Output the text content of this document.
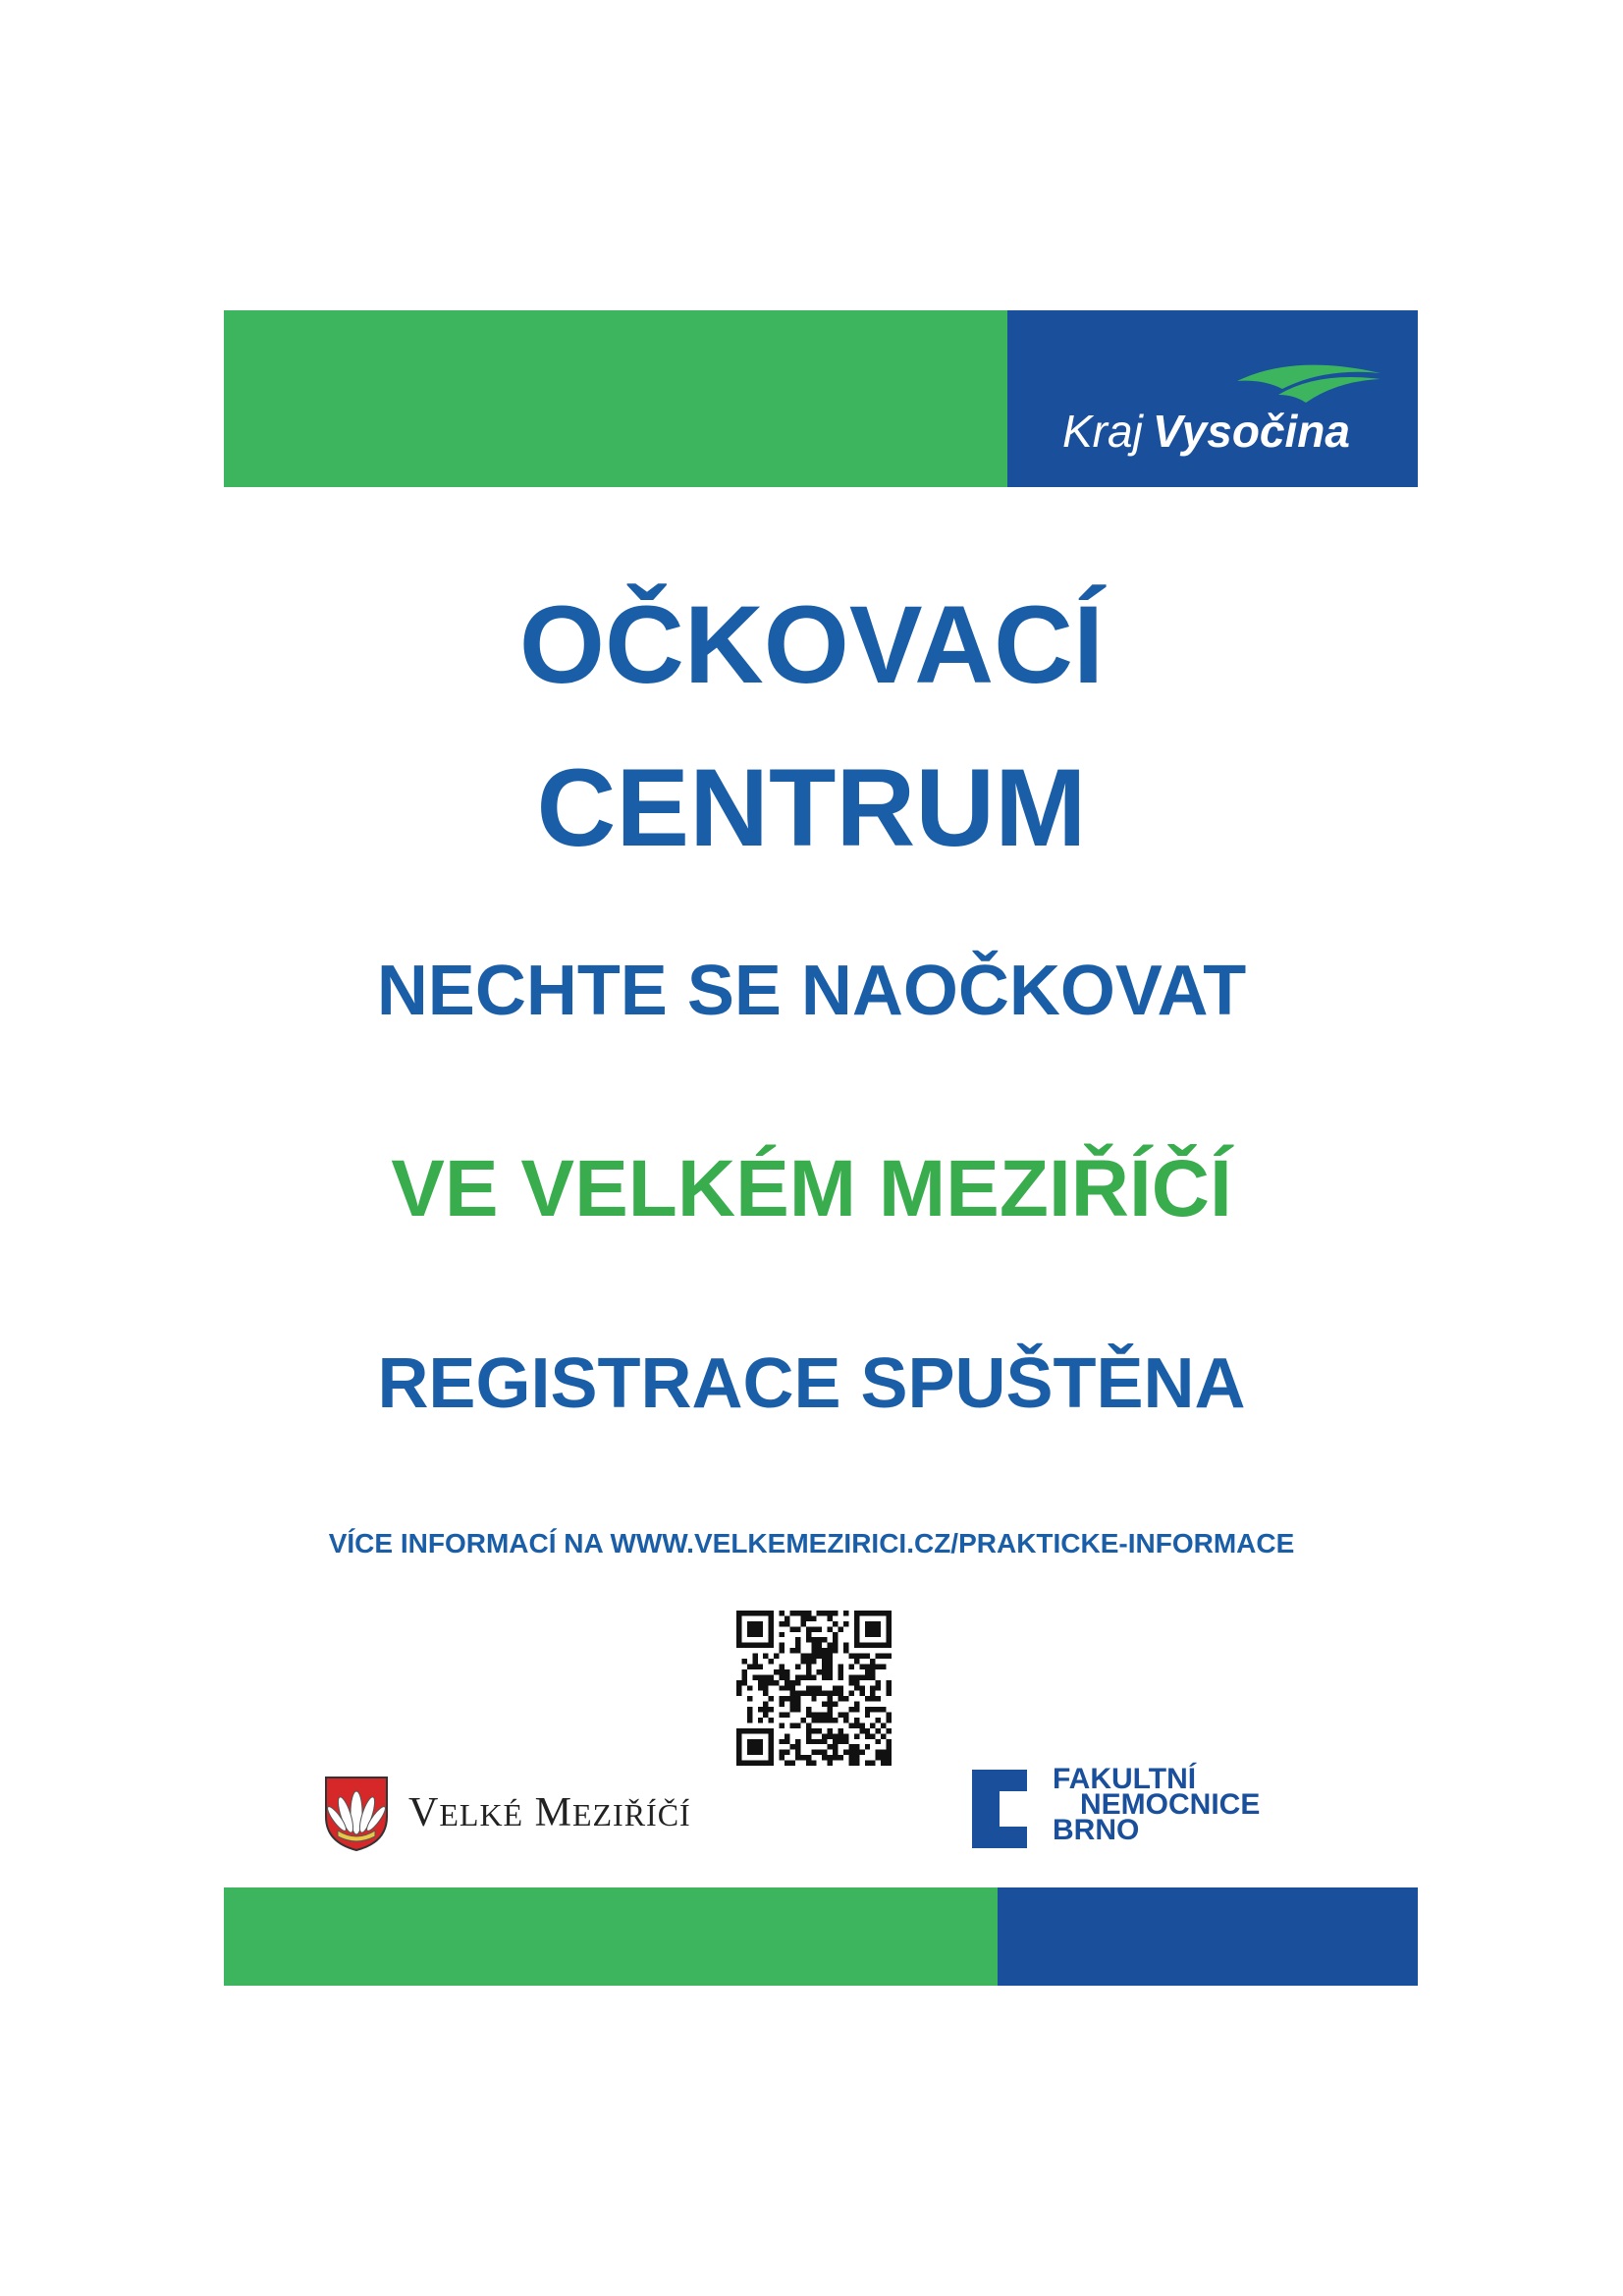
Kraj Vysočina
OČKOVACÍ
CENTRUM
NECHTE SE NAOČKOVAT
VE VELKÉM MEZIŘÍČÍ
REGISTRACE SPUŠTĚNA
VÍCE INFORMACÍ NA WWW.VELKEMEZIRICI.CZ/PRAKTICKE-INFORMACE
VELKÉ MEZIŘÍČÍ
FAKULTNÍ
NEMOCNICE
BRNO
